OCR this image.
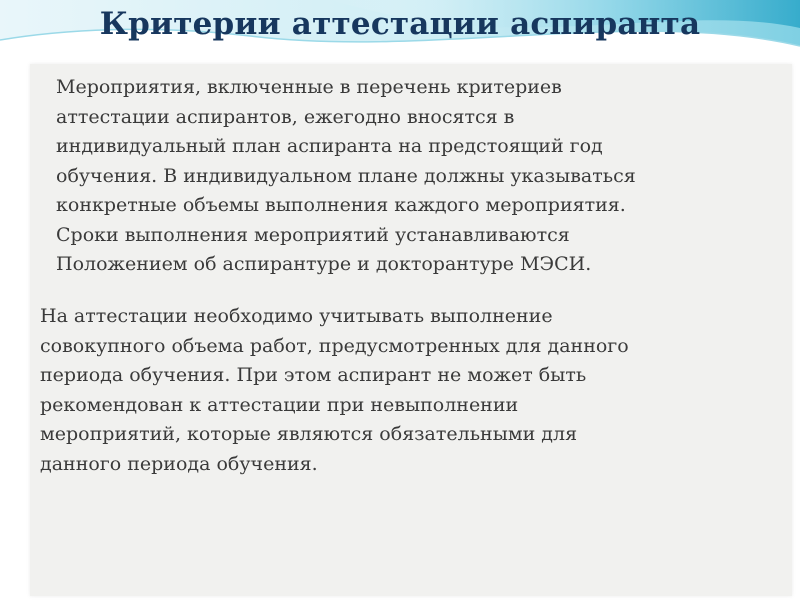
Критерии аттестации аспиранта

Мероприятия, включенные в перечень критериев
аттестации аспирантов, ежегодно вносятся в
индивидуальный план аспиранта на предстоящий год
обучения. В индивидуальном плане должны указываться
конкретные объемы выполнения каждого мероприятия.
Сроки выполнения мероприятий устанавливаются
Положением об аспирантуре и докторантуре МЭСИ.

На аттестации необходимо учитывать выполнение
совокупного объема работ, предусмотренных для данного
периода обучения. При этом аспирант не может быть
рекомендован к аттестации при невыполнении
мероприятий, которые являются обязательными для
данного периода обучения.
